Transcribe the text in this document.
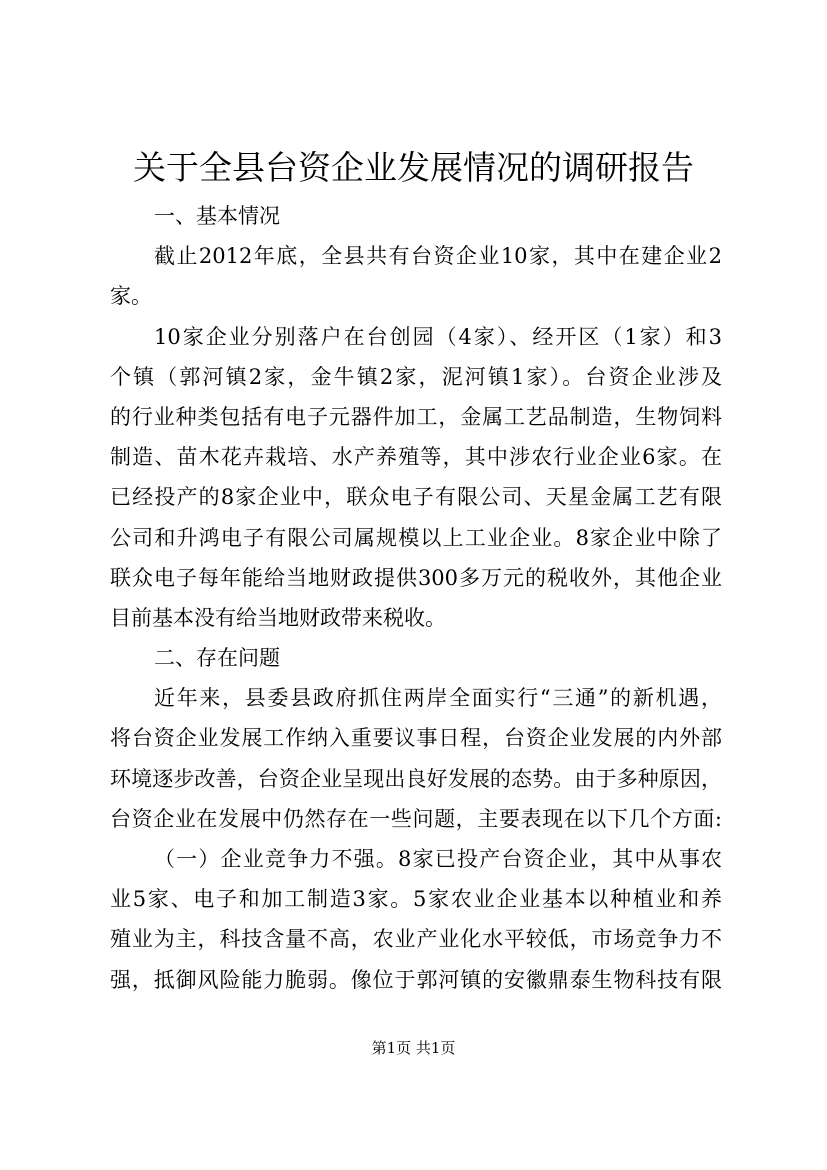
关于全县台资企业发展情况的调研报告
一、基本情况
截止2012年底，全县共有台资企业10家，其中在建企业2
家。
10家企业分别落户在台创园（4家）、经开区（1家）和3
个镇（郭河镇2家，金牛镇2家，泥河镇1家）。台资企业涉及
的行业种类包括有电子元器件加工，金属工艺品制造，生物饲料
制造、苗木花卉栽培、水产养殖等，其中涉农行业企业6家。在
已经投产的8家企业中，联众电子有限公司、天星金属工艺有限
公司和升鸿电子有限公司属规模以上工业企业。8家企业中除了
联众电子每年能给当地财政提供300多万元的税收外，其他企业
目前基本没有给当地财政带来税收。
二、存在问题
近年来，县委县政府抓住两岸全面实行“三通”的新机遇，
将台资企业发展工作纳入重要议事日程，台资企业发展的内外部
环境逐步改善，台资企业呈现出良好发展的态势。由于多种原因，
台资企业在发展中仍然存在一些问题，主要表现在以下几个方面:
（一）企业竞争力不强。8家已投产台资企业，其中从事农
业5家、电子和加工制造3家。5家农业企业基本以种植业和养
殖业为主，科技含量不高，农业产业化水平较低，市场竞争力不
强，抵御风险能力脆弱。像位于郭河镇的安徽鼎泰生物科技有限
第1页 共1页
